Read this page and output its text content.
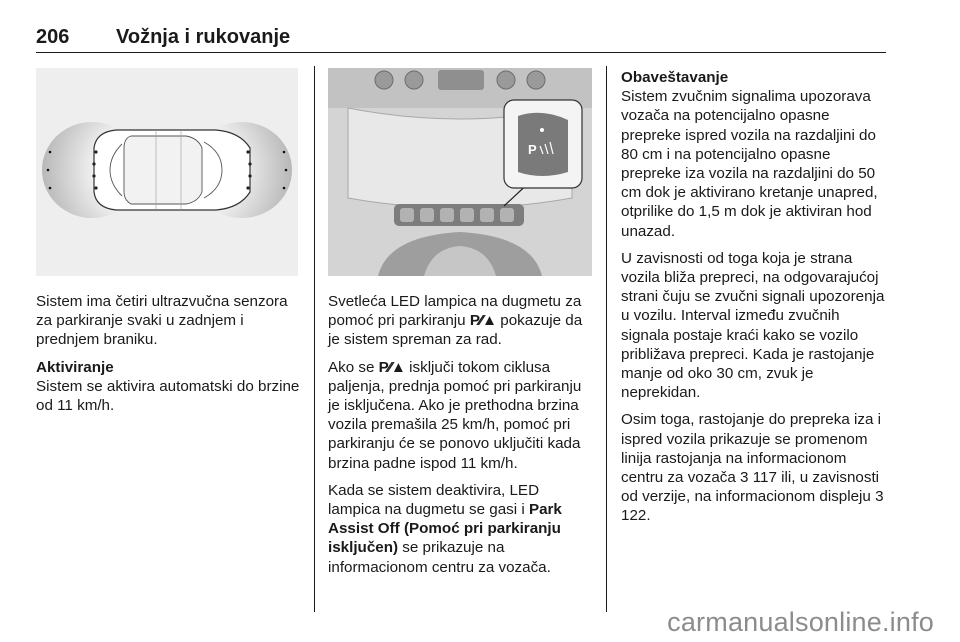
206 Vožnja i rukovanje
P

Sistem ima četiri ultrazvučna senzora za parkiranje svaki u zadnjem i prednjem braniku.

Aktiviranje
Sistem se aktivira automatski do brzine od 11 km/h.

Svetleća LED lampica na dugmetu za pomoć pri parkiranju P⁄⁄▲ pokazuje da je sistem spreman za rad.

Ako se P⁄⁄▲ isključi tokom ciklusa paljenja, prednja pomoć pri parkiranju je isključena. Ako je prethodna brzina vozila premašila 25 km/h, pomoć pri parkiranju će se ponovo uključiti kada brzina padne ispod 11 km/h.

Kada se sistem deaktivira, LED lampica na dugmetu se gasi i Park Assist Off (Pomoć pri parkiranju isključen) se prikazuje na informacionom centru za vozača.

Obaveštavanje
Sistem zvučnim signalima upozorava vozača na potencijalno opasne prepreke ispred vozila na razdaljini do 80 cm i na potencijalno opasne prepreke iza vozila na razdaljini do 50 cm dok je aktivirano kretanje unapred, otprilike do 1,5 m dok je aktiviran hod unazad.

U zavisnosti od toga koja je strana vozila bliža prepreci, na odgovarajućoj strani čuju se zvučni signali upozorenja u vozilu. Interval između zvučnih signala postaje kraći kako se vozilo približava prepreci. Kada je rastojanje manje od oko 30 cm, zvuk je neprekidan.

Osim toga, rastojanje do prepreka iza i ispred vozila prikazuje se promenom linija rastojanja na informacionom centru za vozača 3 117 ili, u zavisnosti od verzije, na informacionom displeju 3 122.

carmanualsonline.info
